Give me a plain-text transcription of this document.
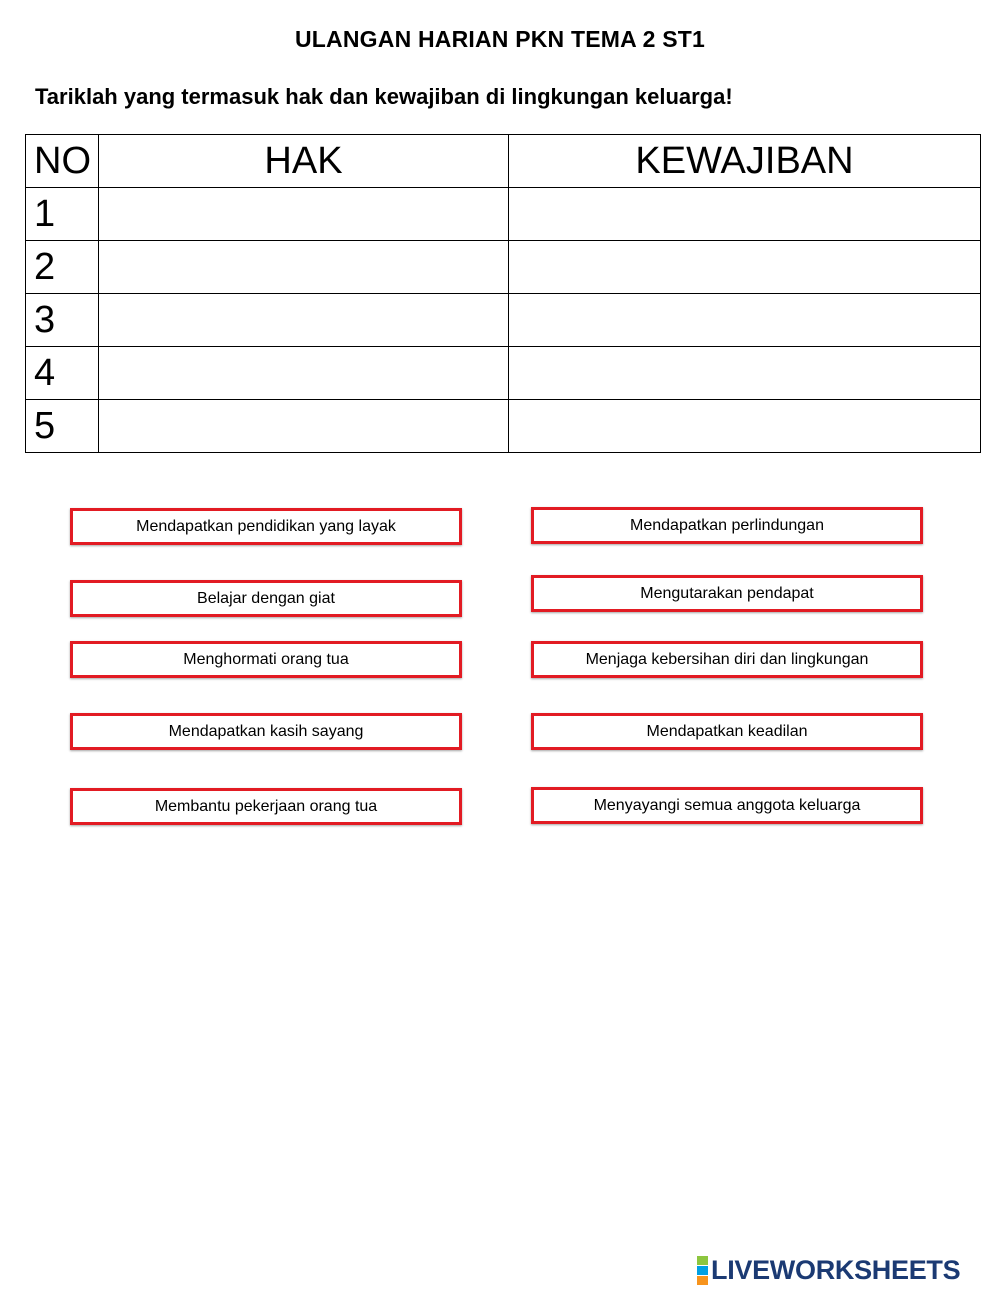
ULANGAN HARIAN PKN TEMA 2 ST1
Tariklah yang termasuk hak dan kewajiban di lingkungan keluarga!
NO	HAK	KEWAJIBAN
1		
2		
3		
4		
5		
Mendapatkan pendidikan yang layak
Belajar dengan giat
Menghormati orang tua
Mendapatkan kasih sayang
Membantu pekerjaan orang tua
Mendapatkan perlindungan
Mengutarakan pendapat
Menjaga kebersihan diri dan lingkungan
Mendapatkan keadilan
Menyayangi semua anggota keluarga
LIVEWORKSHEETS
